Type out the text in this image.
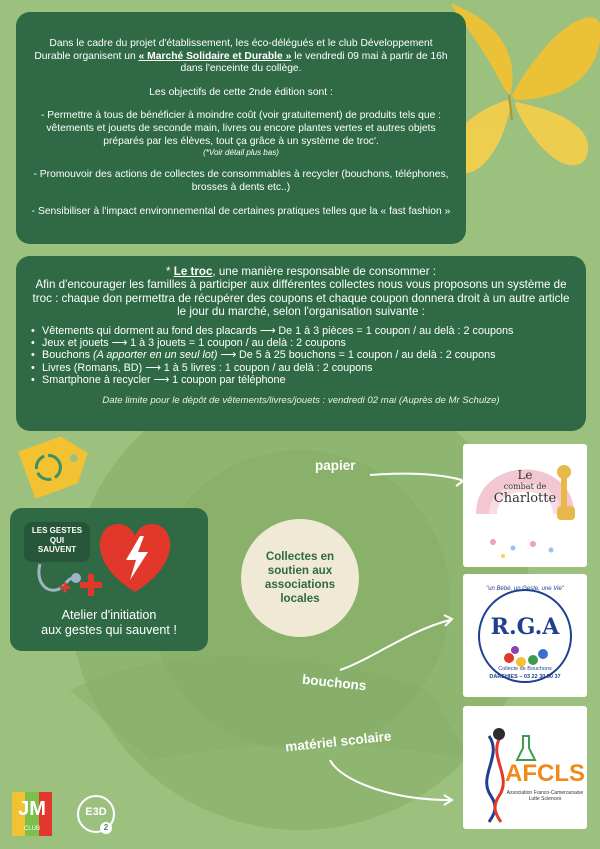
Dans le cadre du projet d'établissement, les éco-délégués et le club Développement Durable organisent un « Marché Solidaire et Durable » le vendredi 09 mai à partir de 16h dans l'enceinte du collège.

Les objectifs de cette 2nde édition sont :

- Permettre à tous de bénéficier à moindre coût (voir gratuitement) de produits tels que : vêtements et jouets de seconde main, livres ou encore plantes vertes et autres objets préparés par les élèves, tout ça grâce à un système de troc'.
(*Voir détail plus bas)

- Promouvoir des actions de collectes de consommables à recycler (bouchons, téléphones, brosses à dents etc..)

- Sensibiliser à l'impact environnemental de certaines pratiques telles que la « fast fashion »

* Le troc, une manière responsable de consommer :
Afin d'encourager les familles à participer aux différentes collectes nous vous proposons un système de troc : chaque don permettra de récupérer des coupons et chaque coupon donnera droit à un autre article le jour du marché, selon l'organisation suivante :
• Vêtements qui dorment au fond des placards ⟶ De 1 à 3 pièces = 1 coupon / au delà : 2 coupons
• Jeux et jouets ⟶ 1 à 3 jouets = 1 coupon / au delà : 2 coupons
• Bouchons (A apporter en un seul lot) ⟶ De 5 à 25 bouchons = 1 coupon / au delà : 2 coupons
• Livres (Romans, BD) ⟶ 1 à 5 livres : 1 coupon / au delà : 2 coupons
• Smartphone à recycler ⟶ 1 coupon par téléphone
Date limite pour le dépôt de vêtements/livres/jouets : vendredi 02 mai (Auprès de Mr Schulze)
LES GESTES
QUI
SAUVENT
Atelier d'initiation
aux gestes qui sauvent !
Collectes en soutien aux associations locales
papier
bouchons
matériel scolaire
Le
combat de
Charlotte
"un Bébé, un Geste, une Vie"
R.G.A
Collecte de Bouchons
DARSHIES – 03 22 30 50 37
AFCLS
Association Franco-Camerounaise Lutte Sciences
JM
CLUB
E3D
2
